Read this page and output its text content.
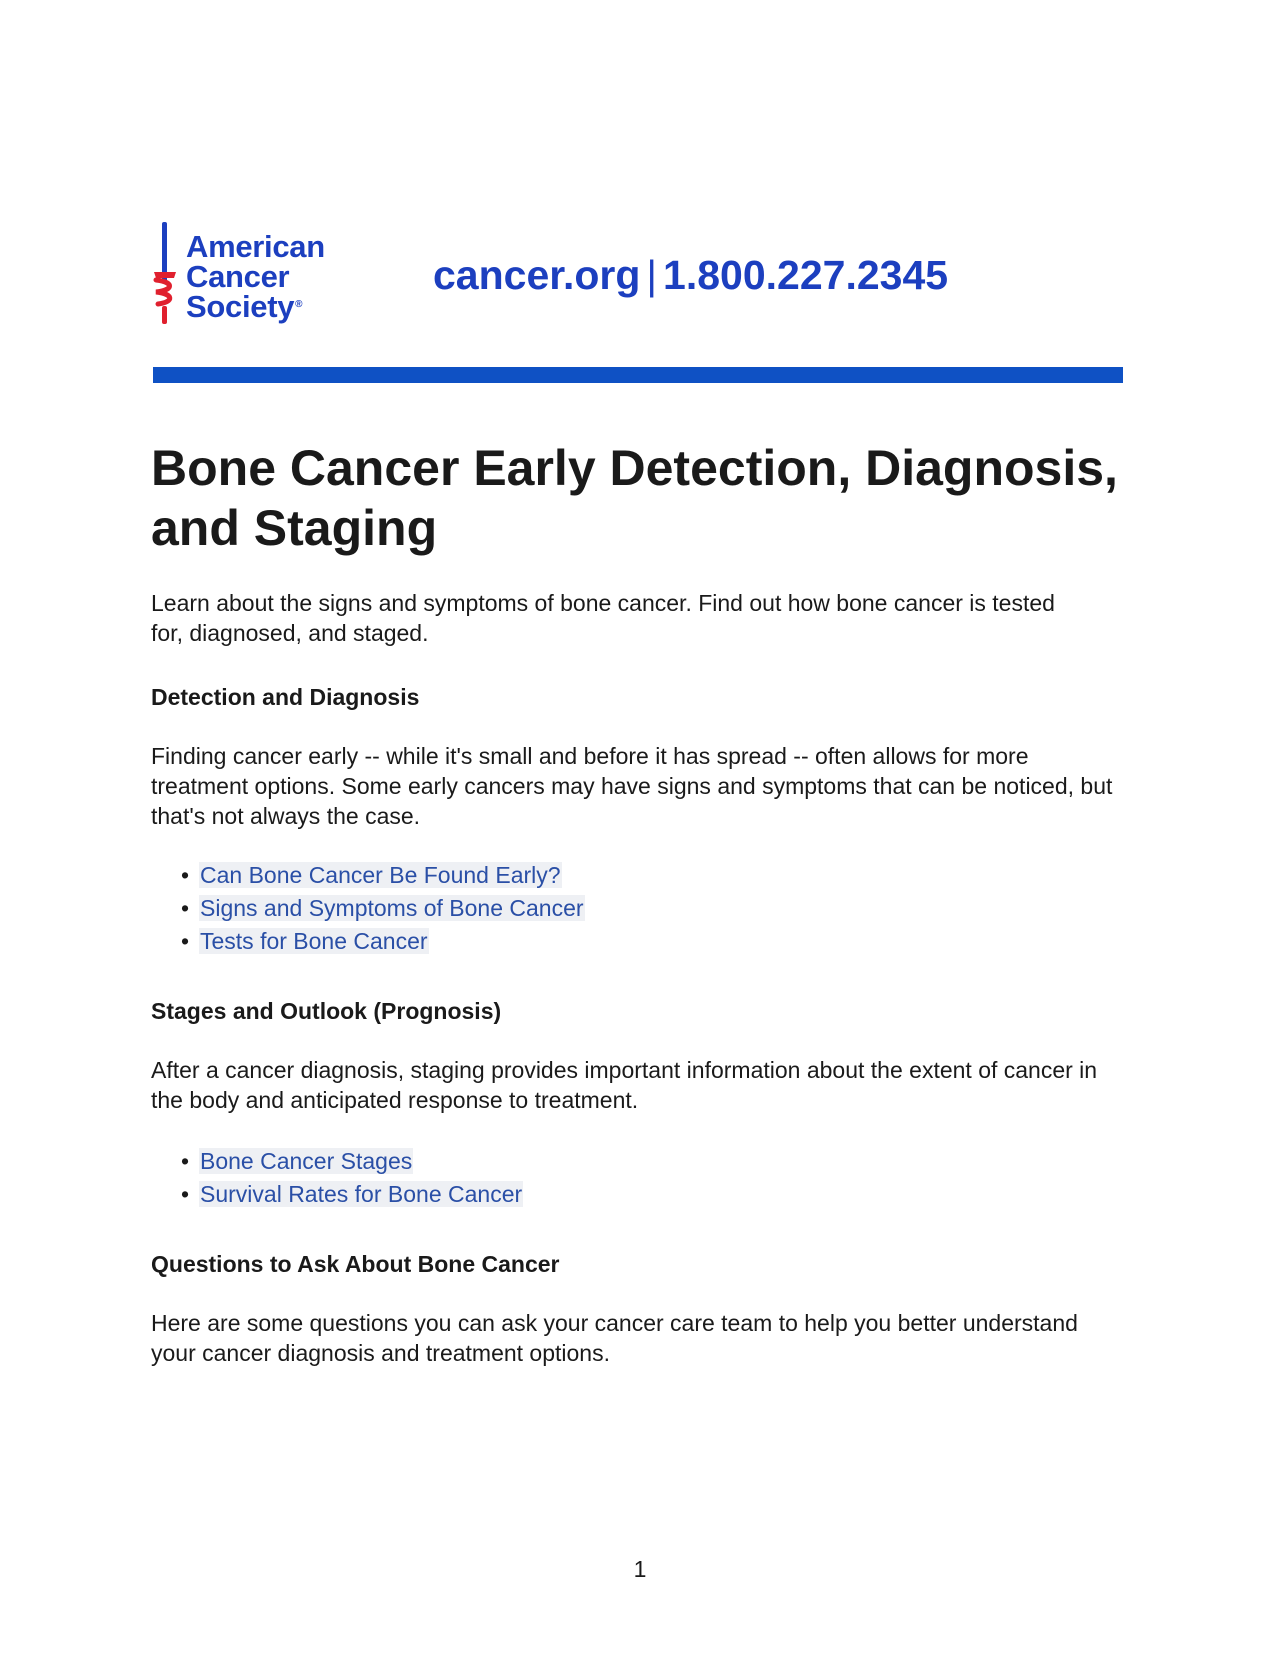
American
Cancer
Society®
cancer.org | 1.800.227.2345
Bone Cancer Early Detection, Diagnosis, and Staging

Learn about the signs and symptoms of bone cancer. Find out how bone cancer is tested for, diagnosed, and staged.

Detection and Diagnosis

Finding cancer early -- while it's small and before it has spread -- often allows for more treatment options. Some early cancers may have signs and symptoms that can be noticed, but that's not always the case.

• Can Bone Cancer Be Found Early?
• Signs and Symptoms of Bone Cancer
• Tests for Bone Cancer
Stages and Outlook (Prognosis)

After a cancer diagnosis, staging provides important information about the extent of cancer in the body and anticipated response to treatment.

• Bone Cancer Stages
• Survival Rates for Bone Cancer
Questions to Ask About Bone Cancer

Here are some questions you can ask your cancer care team to help you better understand your cancer diagnosis and treatment options.

1
